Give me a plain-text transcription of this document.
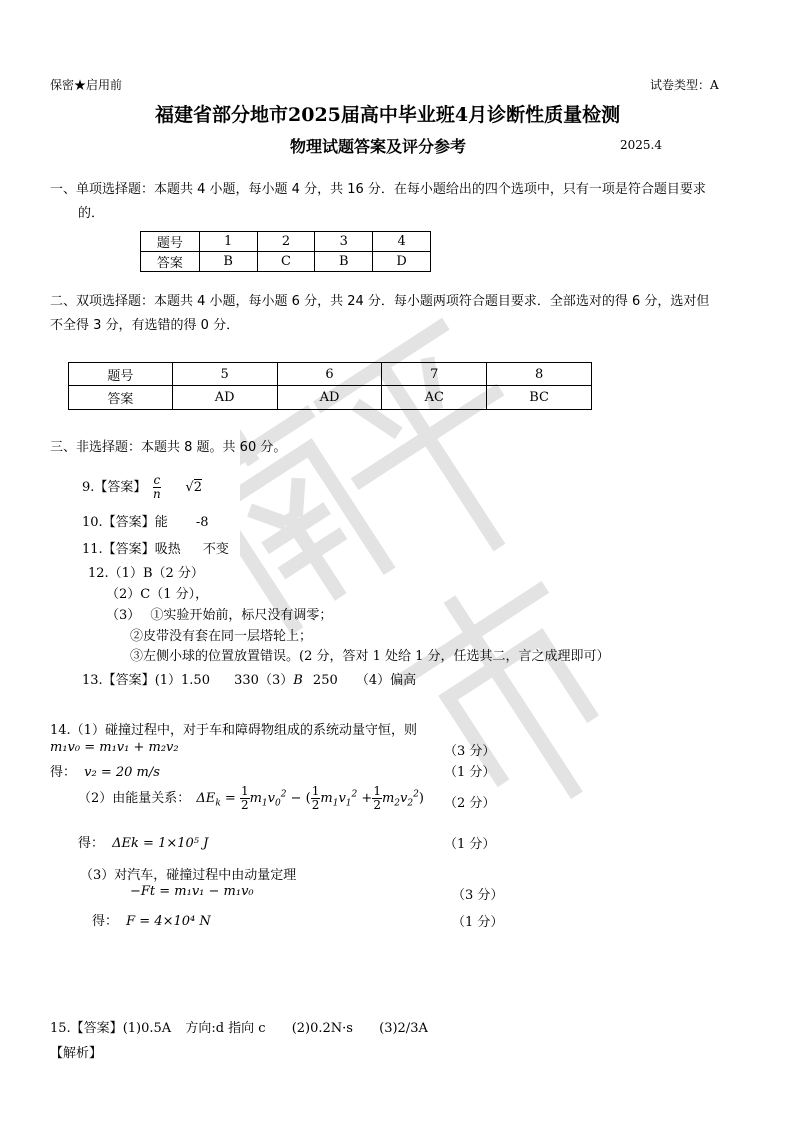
保密★启用前	试卷类型：A
福建省部分地市2025届高中毕业班4月诊断性质量检测
物理试题答案及评分参考	2025.4
一、单项选择题：本题共 4 小题，每小题 4 分，共 16 分．在每小题给出的四个选项中，只有一项是符合题目要求
的．
题号	1	2	3	4
答案	B	C	B	D
二、双项选择题：本题共 4 小题，每小题 6 分，共 24 分．每小题两项符合题目要求．全部选对的得 6 分，选对但
不全得 3 分，有选错的得 0 分．
题号	5	6	7	8
答案	AD	AD	AC	BC
三、非选择题：本题共 8 题。共 60 分。
9.【答案】 $\frac{c}{n} √2$
10.【答案】能 -8
11.【答案】吸热 不变
12.（1）B（2 分）
（2）C（1 分），
（3） ①实验开始前，标尺没有调零；
②皮带没有套在同一层塔轮上；
③左侧小球的位置放置错误。(2 分，答对 1 处给 1 分，任选其二，言之成理即可）
13.【答案】(1）1.50 330（3）B 250 （4）偏高
14.（1）碰撞过程中，对于车和障碍物组成的系统动量守恒，则
m₁v₀ = m₁v₁ + m₂v₂	（3 分）
得： v₂ = 20 m/s	（1 分）
（2）由能量关系： $\Delta E_k = \frac{1}{2} m_1v_0^2$ − ( $\frac{1}{2} m_1v_1^2 + \frac{1}{2} m_2v_2^2$) （2 分）
得： ΔEk = 1×10⁵ J	（1 分）
（3）对汽车，碰撞过程中由动量定理
−Ft = m₁v₁ − m₁v₀	（3 分）
得： F = 4×10⁴ N	（1 分）
15.【答案】(1)0.5A 方向:d 指向 c (2)0.2N·s (3)2/3A
【解析】
